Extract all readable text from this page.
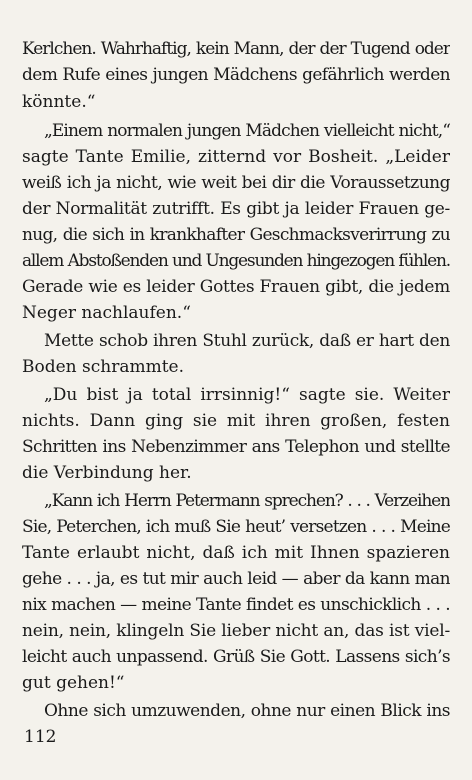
Kerlchen. Wahrhaftig, kein Mann, der der Tugend oder
dem Rufe eines jungen Mädchens gefährlich werden
könnte.“
„Einem normalen jungen Mädchen vielleicht nicht,“
sagte Tante Emilie, zitternd vor Bosheit. „Leider
weiß ich ja nicht, wie weit bei dir die Voraussetzung
der Normalität zutrifft. Es gibt ja leider Frauen ge-
nug, die sich in krankhafter Geschmacksverirrung zu
allem Abstoßenden und Ungesunden hingezogen fühlen.
Gerade wie es leider Gottes Frauen gibt, die jedem
Neger nachlaufen.“
Mette schob ihren Stuhl zurück, daß er hart den
Boden schrammte.
„Du bist ja total irrsinnig!“ sagte sie. Weiter
nichts. Dann ging sie mit ihren großen, festen
Schritten ins Nebenzimmer ans Telephon und stellte
die Verbindung her.
„Kann ich Herrn Petermann sprechen? . . . Verzeihen
Sie, Peterchen, ich muß Sie heut’ versetzen . . . Meine
Tante erlaubt nicht, daß ich mit Ihnen spazieren
gehe . . . ja, es tut mir auch leid — aber da kann man
nix machen — meine Tante findet es unschicklich . . .
nein, nein, klingeln Sie lieber nicht an, das ist viel-
leicht auch unpassend. Grüß Sie Gott. Lassens sich’s
gut gehen!“
Ohne sich umzuwenden, ohne nur einen Blick ins
112
